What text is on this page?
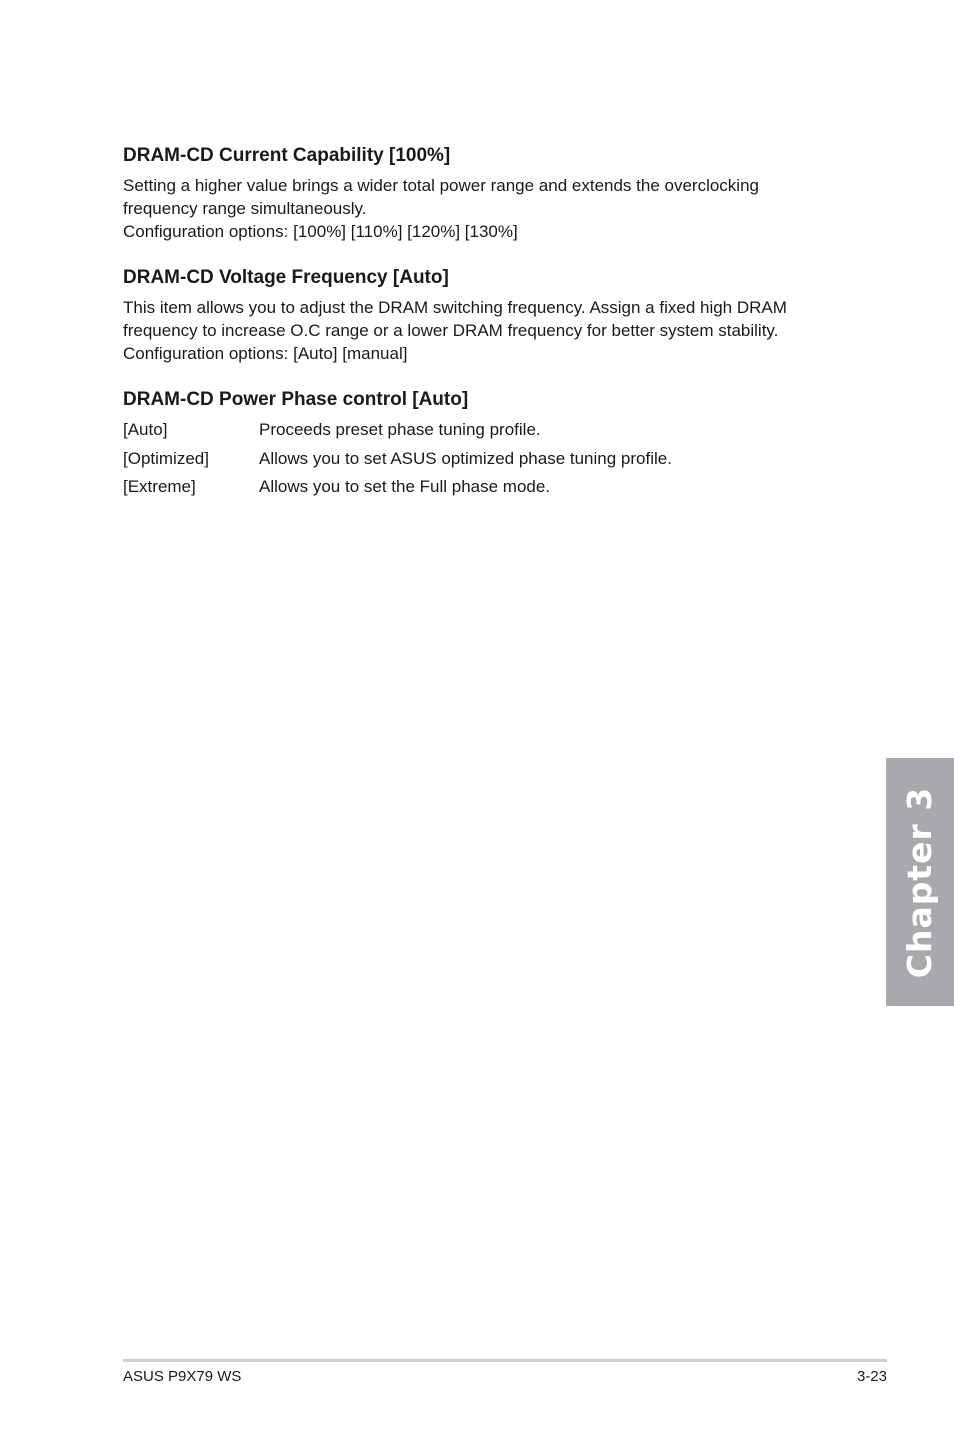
DRAM-CD Current Capability [100%]

Setting a higher value brings a wider total power range and extends the overclocking

frequency range simultaneously.

Configuration options: [100%] [110%] [120%] [130%]

DRAM-CD Voltage Frequency [Auto]

This item allows you to adjust the DRAM switching frequency. Assign a fixed high DRAM

frequency to increase O.C range or a lower DRAM frequency for better system stability.

Configuration options: [Auto] [manual]

DRAM-CD Power Phase control [Auto]
[Auto]	Proceeds preset phase tuning profile.
[Optimized]	Allows you to set ASUS optimized phase tuning profile.
[Extreme]	Allows you to set the Full phase mode.
Chapter 3
ASUS P9X79 WS	3-23
